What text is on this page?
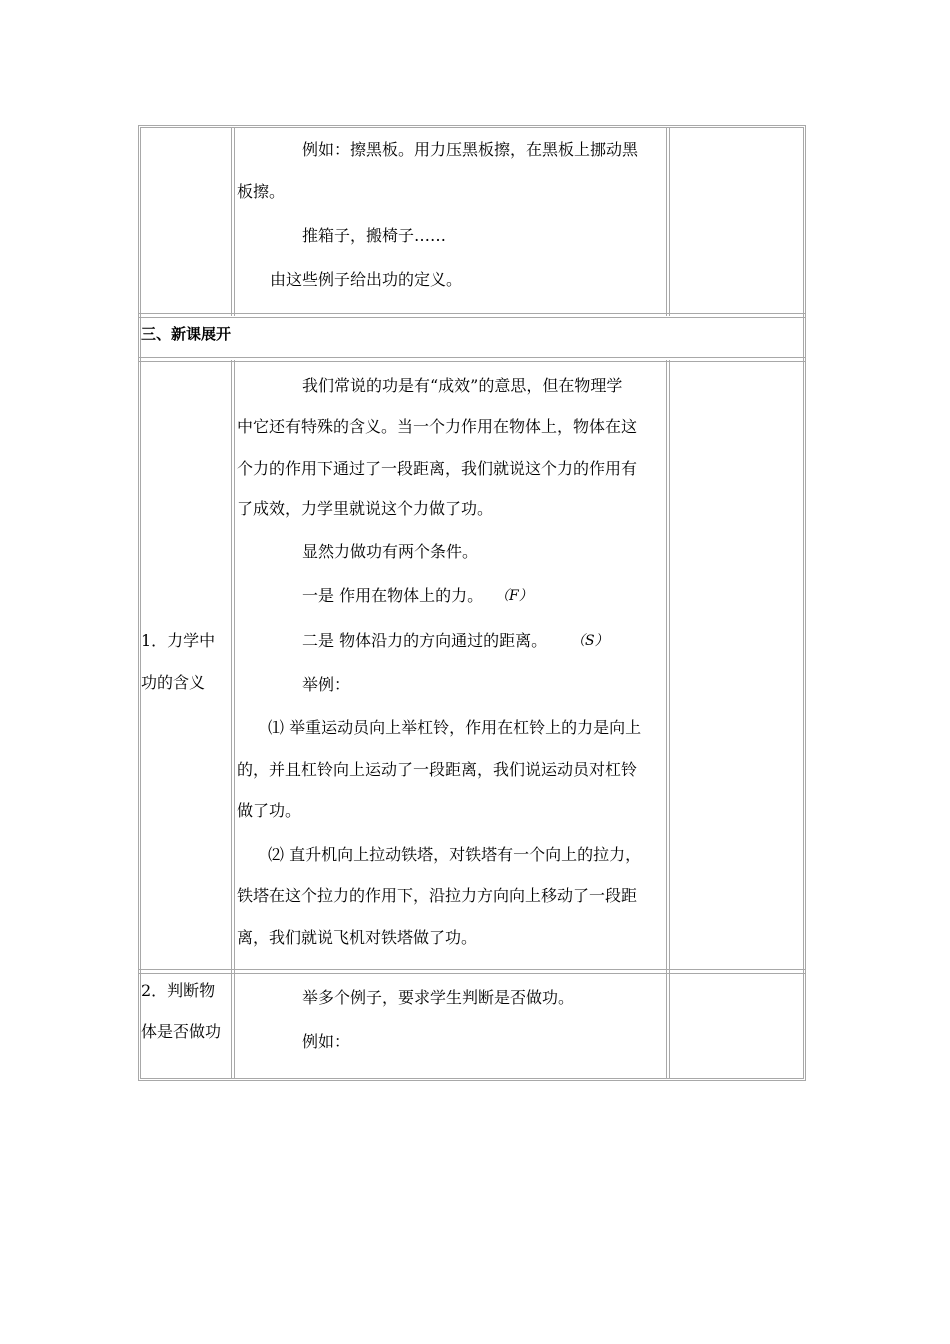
例如：擦黑板。用力压黑板擦，在黑板上挪动黑
板擦。
推箱子，搬椅子……
由这些例子给出功的定义。
三、新课展开
1．力学中
功的含义
我们常说的功是有“成效”的意思，但在物理学
中它还有特殊的含义。当一个力作用在物体上，物体在这
个力的作用下通过了一段距离，我们就说这个力的作用有
了成效，力学里就说这个力做了功。
显然力做功有两个条件。
一是 作用在物体上的力。 （F）
二是 物体沿力的方向通过的距离。 （S）
举例：
⑴ 举重运动员向上举杠铃，作用在杠铃上的力是向上
的，并且杠铃向上运动了一段距离，我们说运动员对杠铃
做了功。
⑵ 直升机向上拉动铁塔，对铁塔有一个向上的拉力，
铁塔在这个拉力的作用下，沿拉力方向向上移动了一段距
离，我们就说飞机对铁塔做了功。
2．判断物
体是否做功
举多个例子，要求学生判断是否做功。
例如：
